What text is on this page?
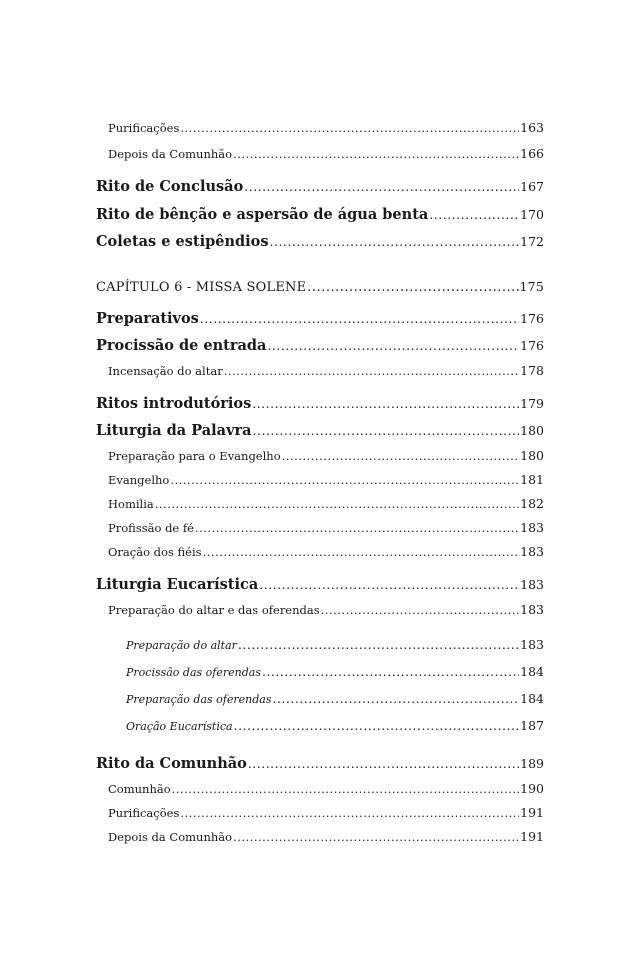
Purificações .....	163
Depois da Comunhão .....	166
Rito de Conclusão .....	167
Rito de bênção e aspersão de água benta .....	170
Coletas e estipêndios .....	172
CAPÍTULO 6 - MISSA SOLENE .....	175
Preparativos .....	176
Procissão de entrada .....	176
Incensação do altar .....	178
Ritos introdutórios .....	179
Liturgia da Palavra .....	180
Preparação para o Evangelho .....	180
Evangelho .....	181
Homilia .....	182
Profissão de fé .....	183
Oração dos fiéis .....	183
Liturgia Eucarística .....	183
Preparação do altar e das oferendas .....	183
Preparação do altar .....	183
Procissão das oferendas .....	184
Preparação das oferendas .....	184
Oração Eucarística .....	187
Rito da Comunhão .....	189
Comunhão .....	190
Purificações .....	191
Depois da Comunhão .....	191
